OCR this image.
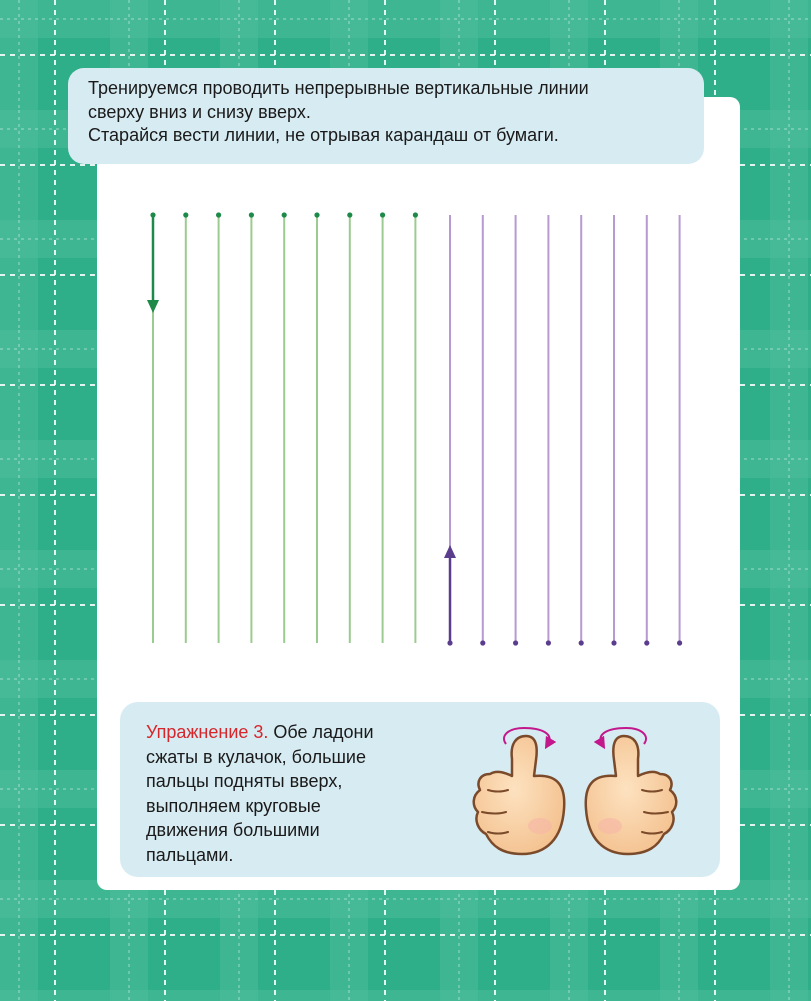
Тренируемся проводить непрерывные вертикальные линии
сверху вниз и снизу вверх.
Старайся вести линии, не отрывая карандаш от бумаги.
Упражнение 3. Обе ладони
сжаты в кулачок, большие
пальцы подняты вверх,
выполняем круговые
движения большими
пальцами.
